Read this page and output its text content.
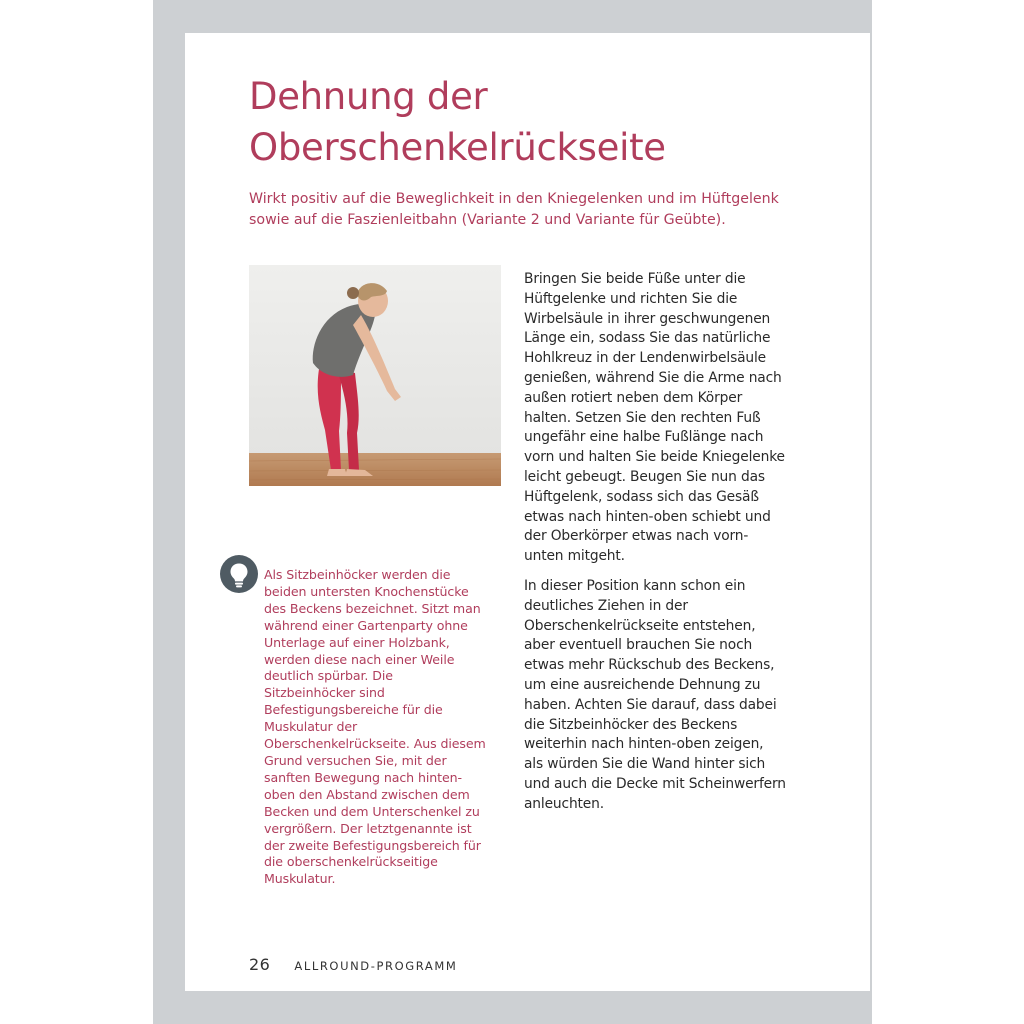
Dehnung der Oberschenkelrückseite

Wirkt positiv auf die Beweglichkeit in den Kniegelenken und im Hüftgelenk sowie auf die Faszienleitbahn (Variante 2 und Variante für Geübte).

Bringen Sie beide Füße unter die Hüftgelenke und richten Sie die Wirbelsäule in ihrer geschwungenen Länge ein, sodass Sie das natürliche Hohlkreuz in der Lendenwirbelsäule genießen, während Sie die Arme nach außen rotiert neben dem Körper halten. Setzen Sie den rechten Fuß ungefähr eine halbe Fußlänge nach vorn und halten Sie beide Kniegelenke leicht gebeugt. Beugen Sie nun das Hüftgelenk, sodass sich das Gesäß etwas nach hinten-oben schiebt und der Oberkörper etwas nach vorn-unten mitgeht.

In dieser Position kann schon ein deutliches Ziehen in der Oberschenkelrückseite entstehen, aber eventuell brauchen Sie noch etwas mehr Rückschub des Beckens, um eine ausreichende Dehnung zu haben. Achten Sie darauf, dass dabei die Sitzbeinhöcker des Beckens weiterhin nach hinten-oben zeigen, als würden Sie die Wand hinter sich und auch die Decke mit Scheinwerfern anleuchten.

Als Sitzbeinhöcker werden die beiden untersten Knochenstücke des Beckens bezeichnet. Sitzt man während einer Gartenparty ohne Unterlage auf einer Holzbank, werden diese nach einer Weile deutlich spürbar. Die Sitzbeinhöcker sind Befestigungsbereiche für die Muskulatur der Oberschenkelrückseite. Aus diesem Grund versuchen Sie, mit der sanften Bewegung nach hinten-oben den Abstand zwischen dem Becken und dem Unterschenkel zu vergrößern. Der letztgenannte ist der zweite Befestigungsbereich für die oberschenkelrückseitige Muskulatur.

26 ALLROUND-PROGRAMM
